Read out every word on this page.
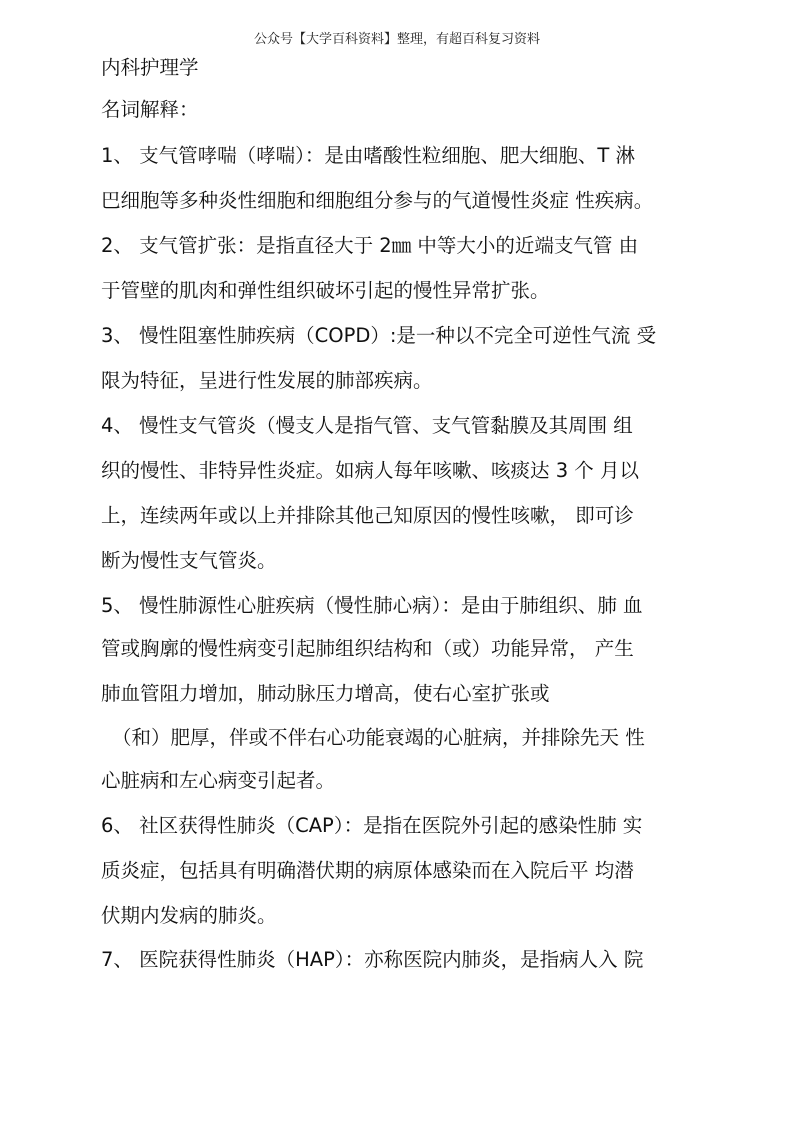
公众号【大学百科资料】整理，有超百科复习资料
内科护理学
名词解释：
1、 支气管哮喘（哮喘）：是由嗜酸性粒细胞、肥大细胞、T 淋
巴细胞等多种炎性细胞和细胞组分参与的气道慢性炎症 性疾病。
2、 支气管扩张：是指直径大于 2㎜ 中等大小的近端支气管 由
于管壁的肌肉和弹性组织破坏引起的慢性异常扩张。
3、 慢性阻塞性肺疾病（COPD）:是一种以不完全可逆性气流 受
限为特征，呈进行性发展的肺部疾病。
4、 慢性支气管炎（慢支人是指气管、支气管黏膜及其周围 组
织的慢性、非特异性炎症。如病人每年咳嗽、咳痰达 3 个 月以
上，连续两年或以上并排除其他己知原因的慢性咳嗽， 即可诊
断为慢性支气管炎。
5、 慢性肺源性心脏疾病（慢性肺心病）：是由于肺组织、肺 血
管或胸廓的慢性病变引起肺组织结构和（或）功能异常， 产生
肺血管阻力增加，肺动脉压力增高，使右心室扩张或
（和）肥厚，伴或不伴右心功能衰竭的心脏病，并排除先天 性
心脏病和左心病变引起者。
6、 社区获得性肺炎（CAP）：是指在医院外引起的感染性肺 实
质炎症，包括具有明确潜伏期的病原体感染而在入院后平 均潜
伏期内发病的肺炎。
7、 医院获得性肺炎（HAP）：亦称医院内肺炎，是指病人入 院
